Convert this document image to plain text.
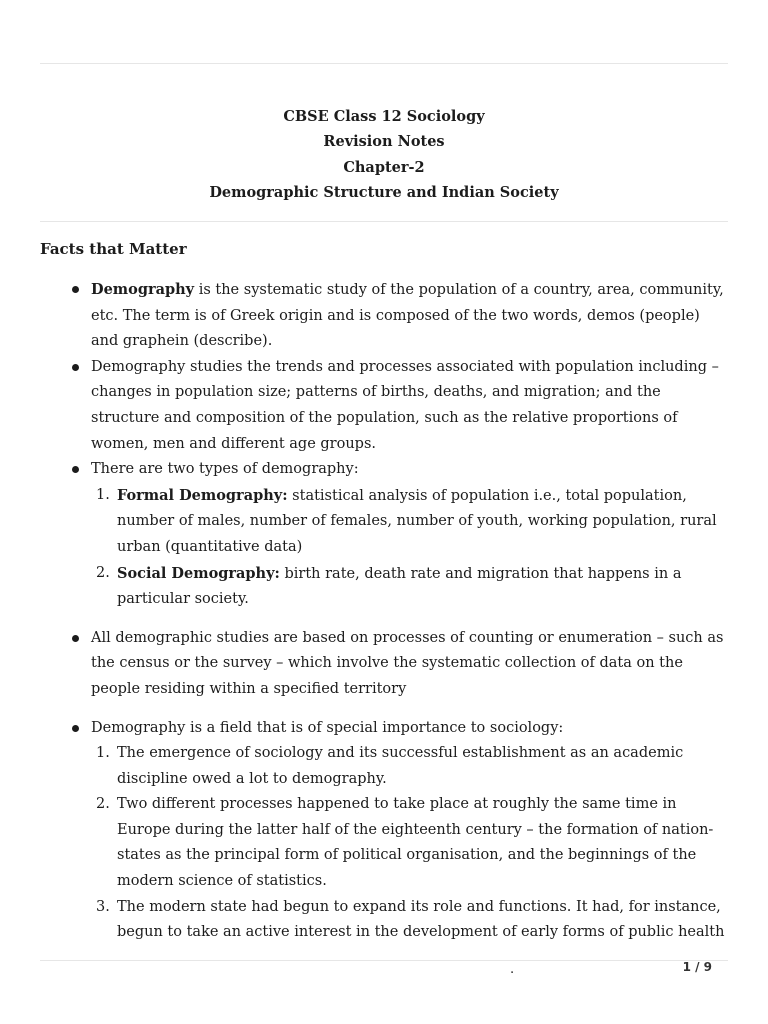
CBSE Class 12 Sociology
Revision Notes
Chapter-2
Demographic Structure and Indian Society
Facts that Matter
Demography is the systematic study of the population of a country, area, community, etc. The term is of Greek origin and is composed of the two words, demos (people) and graphein (describe).
Demography studies the trends and processes associated with population including – changes in population size; patterns of births, deaths, and migration; and the structure and composition of the population, such as the relative proportions of women, men and different age groups.
There are two types of demography:
1. Formal Demography: statistical analysis of population i.e., total population, number of males, number of females, number of youth, working population, rural urban (quantitative data)
2. Social Demography: birth rate, death rate and migration that happens in a particular society.
All demographic studies are based on processes of counting or enumeration – such as the census or the survey – which involve the systematic collection of data on the people residing within a specified territory
Demography is a field that is of special importance to sociology:
1. The emergence of sociology and its successful establishment as an academic discipline owed a lot to demography.
2. Two different processes happened to take place at roughly the same time in Europe during the latter half of the eighteenth century – the formation of nation-states as the principal form of political organisation, and the beginnings of the modern science of statistics.
3. The modern state had begun to expand its role and functions. It had, for instance, begun to take an active interest in the development of early forms of public health
.	1 / 9
